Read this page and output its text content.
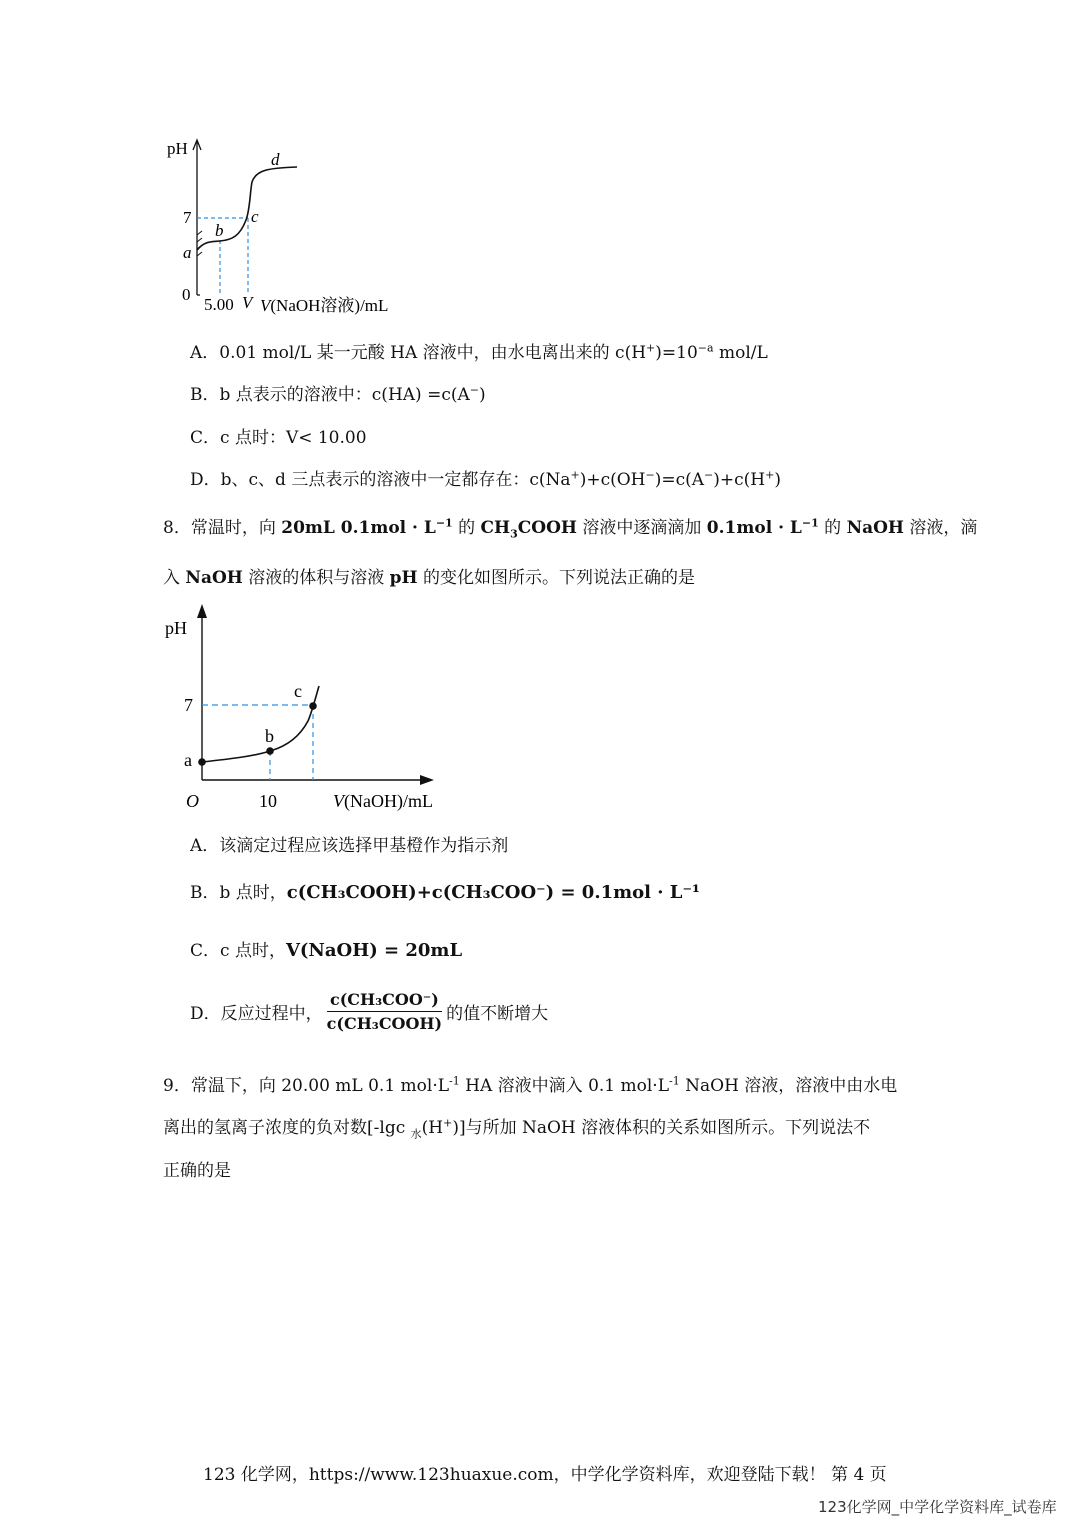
pH
7
a
0
b
c
d
5.00 V V(NaOH溶液)/mL
A．0.01 mol/L 某一元酸 HA 溶液中，由水电离出来的 $c(H^+)=10^{-a}$ mol/L
B．b 点表示的溶液中：c(HA) =c(A−)
C．c 点时：V< 10.00
D．b、c、d 三点表示的溶液中一定都存在：c(Na+)+c(OH−)=c(A−)+c(H+)
8．常温时，向 20mL $0.1mol \cdot L^{-1}$ 的 $CH_3COOH$ 溶液中逐滴滴加 $0.1mol \cdot L^{-1}$ 的 NaOH 溶液，滴
入 NaOH 溶液的体积与溶液 pH 的变化如图所示。下列说法正确的是
pH
7
a
O
b
c
10	V(NaOH)/mL
A．该滴定过程应该选择甲基橙作为指示剂
B．b 点时，c(CH₃COOH)+c(CH₃COO⁻) = 0.1mol · L⁻¹
C．c 点时，V(NaOH) = 20mL
D． 反应过程中， $\frac{\text{c(CH₃COO⁻)}}{\text{c(CH₃COOH)}}$ 的值不断增大
9．常温下，向 20.00 mL 0.1 $mol\cdot L^{-1}$ HA 溶液中滴入 0.1 $mol\cdot L^{-1}$ NaOH 溶液，溶液中由水电
离出的氢离子浓度的负对数[-lgc $_水$(H+)]与所加 NaOH 溶液体积的关系如图所示。下列说法不
正确的是
123 化学网，https://www.123huaxue.com，中学化学资料库，欢迎登陆下载！ 第 4 页
123化学网_中学化学资料库_试卷库
